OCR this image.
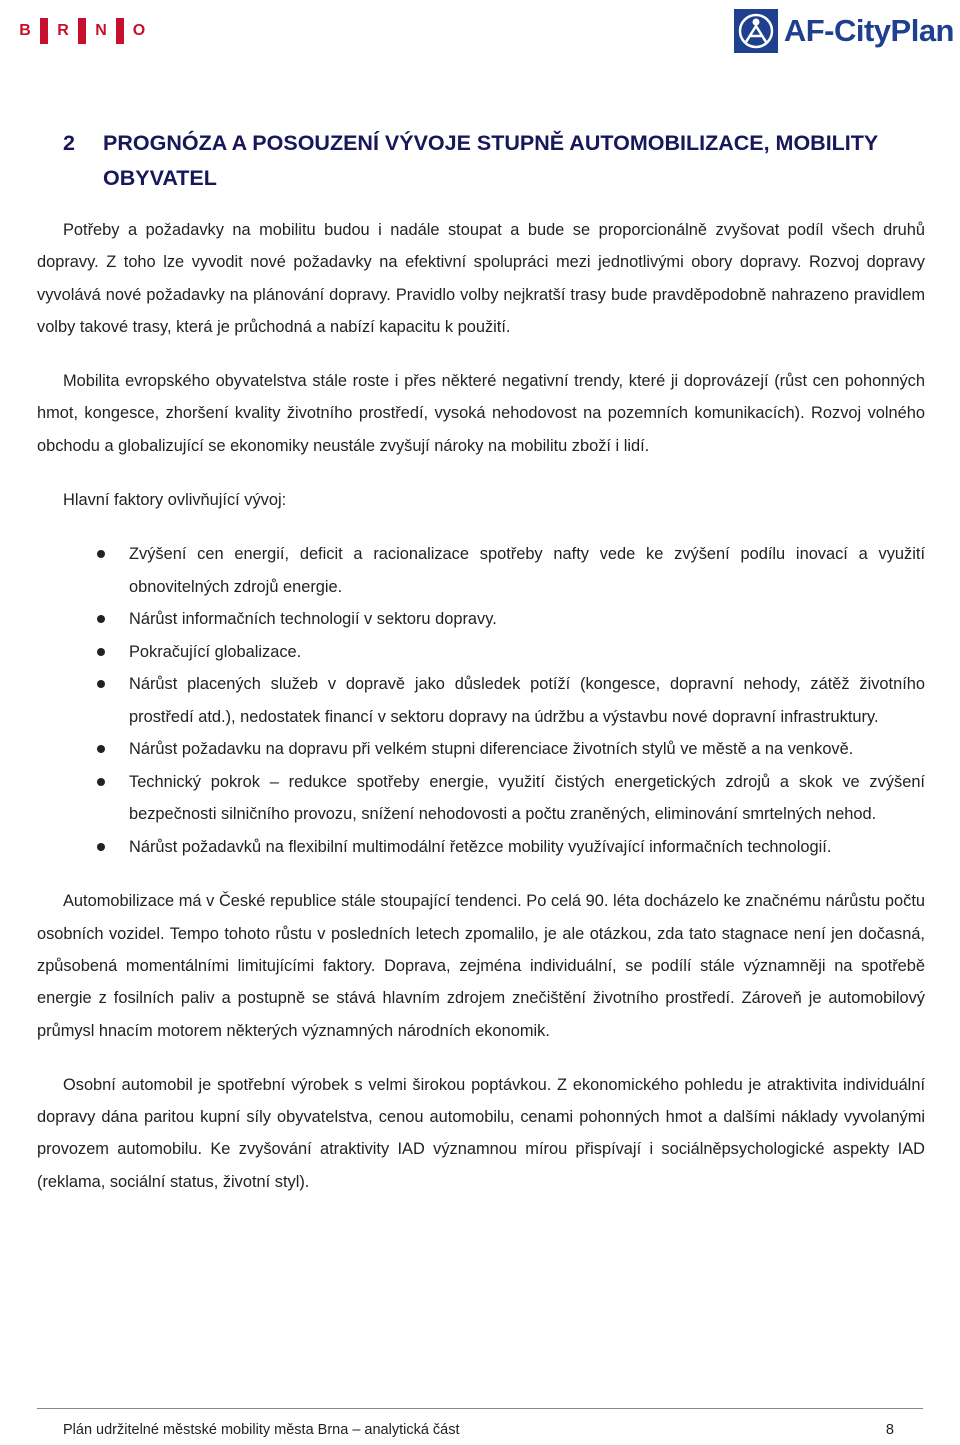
B	R	N	O	AF-CityPlan
2	PROGNÓZA A POSOUZENÍ VÝVOJE STUPNĚ AUTOMOBILIZACE, MOBILITY OBYVATEL

Potřeby a požadavky na mobilitu budou i nadále stoupat a bude se proporcionálně zvyšovat podíl všech druhů dopravy. Z toho lze vyvodit nové požadavky na efektivní spolupráci mezi jednotlivými obory dopravy. Rozvoj dopravy vyvolává nové požadavky na plánování dopravy. Pravidlo volby nejkratší trasy bude pravděpodobně nahrazeno pravidlem volby takové trasy, která je průchodná a nabízí kapacitu k použití.

Mobilita evropského obyvatelstva stále roste i přes některé negativní trendy, které ji doprovázejí (růst cen pohonných hmot, kongesce, zhoršení kvality životního prostředí, vysoká nehodovost na pozemních komunikacích). Rozvoj volného obchodu a globalizující se ekonomiky neustále zvyšují nároky na mobilitu zboží i lidí.

Hlavní faktory ovlivňující vývoj:

Zvýšení cen energií, deficit a racionalizace spotřeby nafty vede ke zvýšení podílu inovací a využití obnovitelných zdrojů energie.
Nárůst informačních technologií v sektoru dopravy.
Pokračující globalizace.
Nárůst placených služeb v dopravě jako důsledek potíží (kongesce, dopravní nehody, zátěž životního prostředí atd.), nedostatek financí v sektoru dopravy na údržbu a výstavbu nové dopravní infrastruktury.
Nárůst požadavku na dopravu při velkém stupni diferenciace životních stylů ve městě a na venkově.
Technický pokrok – redukce spotřeby energie, využití čistých energetických zdrojů a skok ve zvýšení bezpečnosti silničního provozu, snížení nehodovosti a počtu zraněných, eliminování smrtelných nehod.
Nárůst požadavků na flexibilní multimodální řetězce mobility využívající informačních technologií.

Automobilizace má v České republice stále stoupající tendenci. Po celá 90. léta docházelo ke značnému nárůstu počtu osobních vozidel. Tempo tohoto růstu v posledních letech zpomalilo, je ale otázkou, zda tato stagnace není jen dočasná, způsobená momentálními limitujícími faktory. Doprava, zejména individuální, se podílí stále významněji na spotřebě energie z fosilních paliv a postupně se stává hlavním zdrojem znečištění životního prostředí. Zároveň je automobilový průmysl hnacím motorem některých významných národních ekonomik.

Osobní automobil je spotřební výrobek s velmi širokou poptávkou. Z ekonomického pohledu je atraktivita individuální dopravy dána paritou kupní síly obyvatelstva, cenou automobilu, cenami pohonných hmot a dalšími náklady vyvolanými provozem automobilu. Ke zvyšování atraktivity IAD významnou mírou přispívají i sociálněpsychologické aspekty IAD (reklama, sociální status, životní styl).

Plán udržitelné městské mobility města Brna – analytická část	8
